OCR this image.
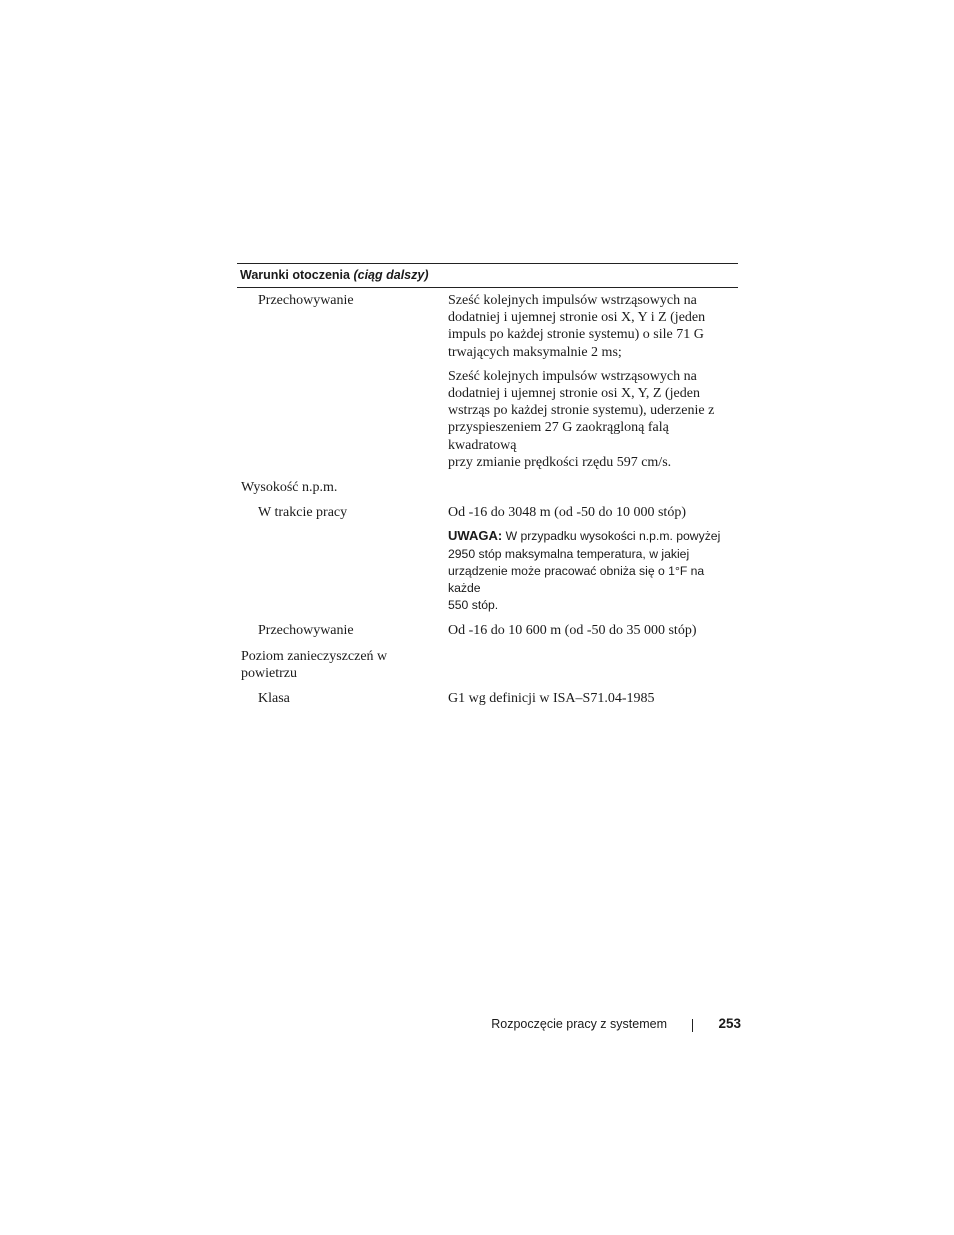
Warunki otoczenia (ciąg dalszy)
Przechowywanie	Sześć kolejnych impulsów wstrząsowych na

dodatniej i ujemnej stronie osi X, Y i Z (jeden

impuls po każdej stronie systemu) o sile 71 G

trwających maksymalnie 2 ms;

Sześć kolejnych impulsów wstrząsowych na

dodatniej i ujemnej stronie osi X, Y, Z (jeden

wstrząs po każdej stronie systemu), uderzenie z

przyspieszeniem 27 G zaokrągloną falą kwadratową

przy zmianie prędkości rzędu 597 cm/s.

Wysokość n.p.m.
W trakcie pracy	Od -16 do 3048 m (od -50 do 10 000 stóp)

UWAGA: W przypadku wysokości n.p.m. powyżej
2950 stóp maksymalna temperatura, w jakiej
urządzenie może pracować obniża się o 1°F na każde
550 stóp.

Przechowywanie	Od -16 do 10 600 m (od -50 do 35 000 stóp)

Poziom zanieczyszczeń w
powietrzu
Klasa	G1 wg definicji w ISA–S71.04-1985

Rozpoczęcie pracy z systemem	253
